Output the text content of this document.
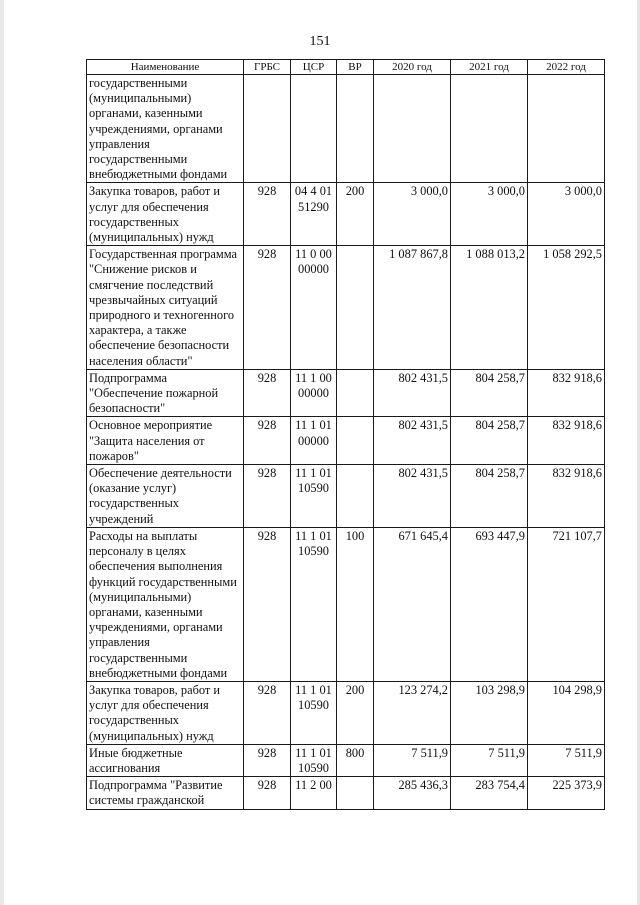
151
Наименование	ГРБС	ЦСР	ВР	2020 год	2021 год	2022 год
государственными (муниципальными) органами, казенными учреждениями, органами управления государственными внебюджетными фондами						
Закупка товаров, работ и услуг для обеспечения государственных (муниципальных) нужд	928	04 4 01 51290	200	3 000,0	3 000,0	3 000,0
Государственная программа "Снижение рисков и смягчение последствий чрезвычайных ситуаций природного и техногенного характера, а также обеспечение безопасности населения области"	928	11 0 00 00000		1 087 867,8	1 088 013,2	1 058 292,5
Подпрограмма "Обеспечение пожарной безопасности"	928	11 1 00 00000		802 431,5	804 258,7	832 918,6
Основное мероприятие "Защита населения от пожаров"	928	11 1 01 00000		802 431,5	804 258,7	832 918,6
Обеспечение деятельности (оказание услуг) государственных учреждений	928	11 1 01 10590		802 431,5	804 258,7	832 918,6
Расходы на выплаты персоналу в целях обеспечения выполнения функций государственными (муниципальными) органами, казенными учреждениями, органами управления государственными внебюджетными фондами	928	11 1 01 10590	100	671 645,4	693 447,9	721 107,7
Закупка товаров, работ и услуг для обеспечения государственных (муниципальных) нужд	928	11 1 01 10590	200	123 274,2	103 298,9	104 298,9
Иные бюджетные ассигнования	928	11 1 01 10590	800	7 511,9	7 511,9	7 511,9
Подпрограмма "Развитие системы гражданской	928	11 2 00		285 436,3	283 754,4	225 373,9
